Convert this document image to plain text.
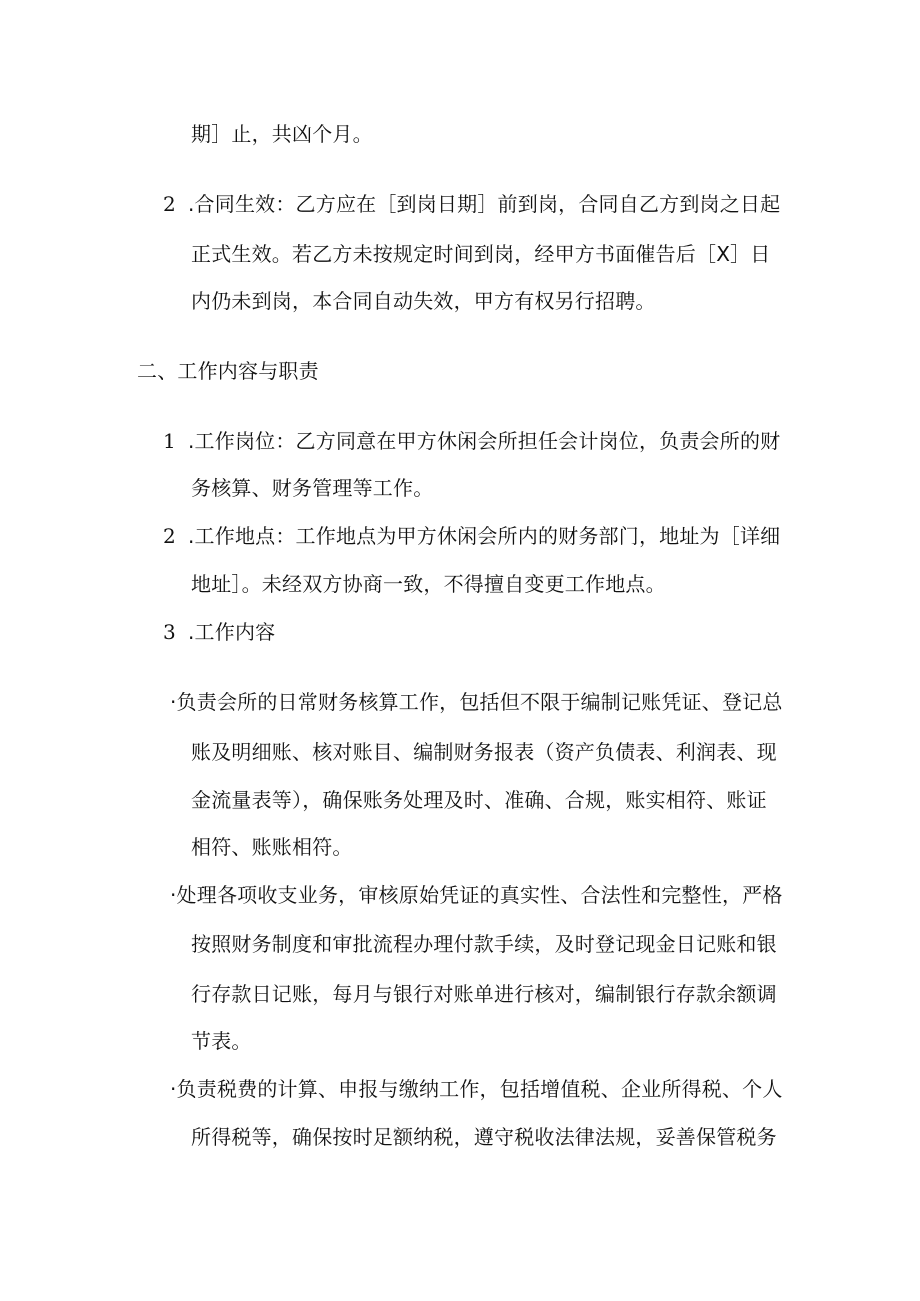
期］止，共凶个月。
2 .合同生效：乙方应在［到岗日期］前到岗，合同自乙方到岗之日起
正式生效。若乙方未按规定时间到岗，经甲方书面催告后［X］日
内仍未到岗，本合同自动失效，甲方有权另行招聘。
二、工作内容与职责
1 .工作岗位：乙方同意在甲方休闲会所担任会计岗位，负责会所的财
务核算、财务管理等工作。
2 .工作地点：工作地点为甲方休闲会所内的财务部门，地址为［详细
地址］。未经双方协商一致，不得擅自变更工作地点。
3 .工作内容
·负责会所的日常财务核算工作，包括但不限于编制记账凭证、登记总
账及明细账、核对账目、编制财务报表（资产负债表、利润表、现
金流量表等），确保账务处理及时、准确、合规，账实相符、账证
相符、账账相符。
·处理各项收支业务，审核原始凭证的真实性、合法性和完整性，严格
按照财务制度和审批流程办理付款手续，及时登记现金日记账和银
行存款日记账，每月与银行对账单进行核对，编制银行存款余额调
节表。
·负责税费的计算、申报与缴纳工作，包括增值税、企业所得税、个人
所得税等，确保按时足额纳税，遵守税收法律法规，妥善保管税务
